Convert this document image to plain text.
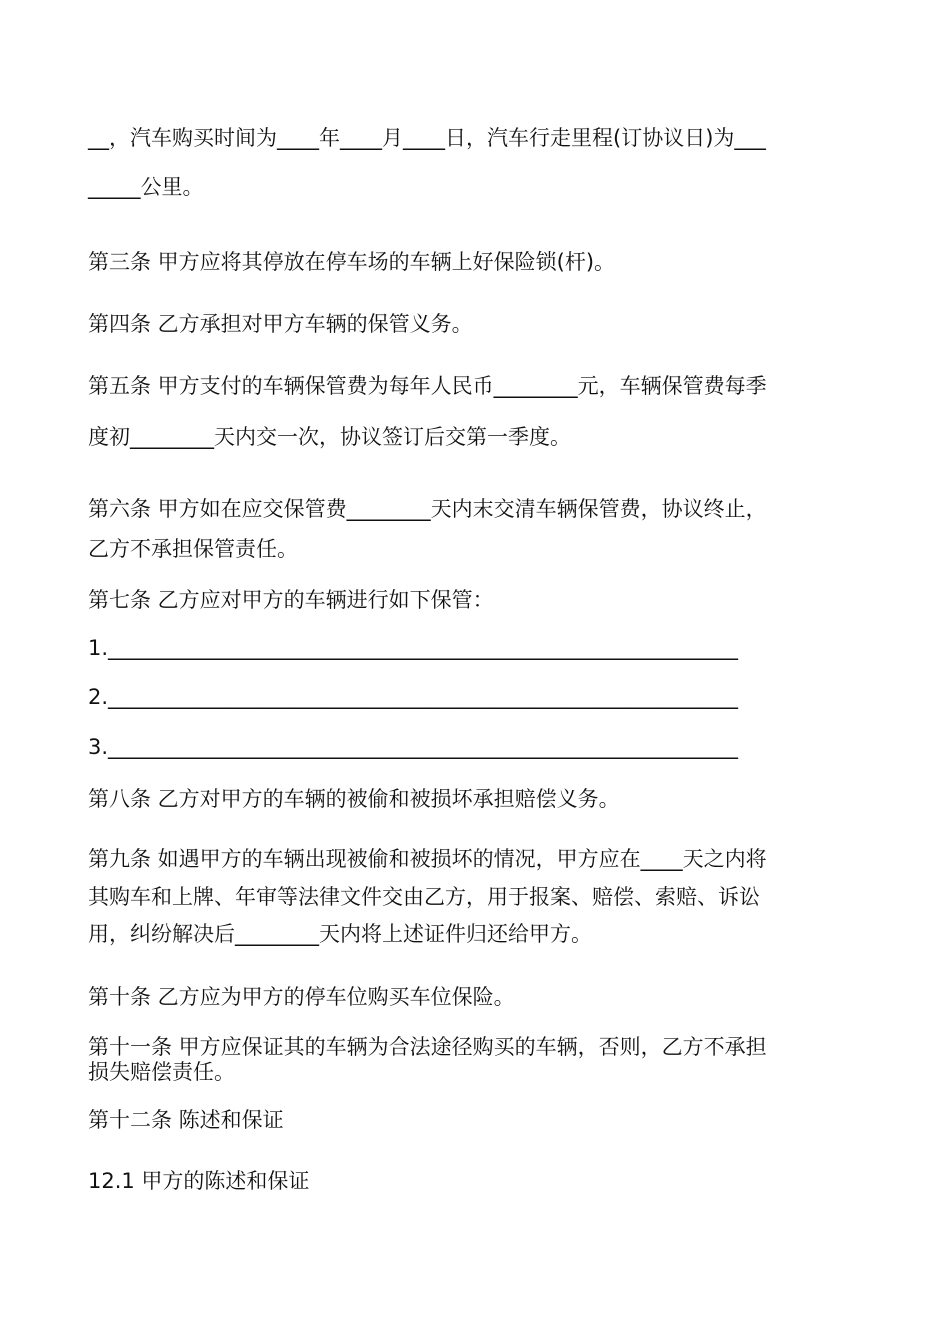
__，汽车购买时间为____年____月____日，汽车行走里程(订协议日)为___

_____公里。

第三条 甲方应将其停放在停车场的车辆上好保险锁(杆)。

第四条 乙方承担对甲方车辆的保管义务。

第五条 甲方支付的车辆保管费为每年人民币________元，车辆保管费每季

度初________天内交一次，协议签订后交第一季度。

第六条 甲方如在应交保管费________天内末交清车辆保管费，协议终止，

乙方不承担保管责任。

第七条 乙方应对甲方的车辆进行如下保管：

1.____________________________________________________________

2.____________________________________________________________

3.____________________________________________________________

第八条 乙方对甲方的车辆的被偷和被损坏承担赔偿义务。

第九条 如遇甲方的车辆出现被偷和被损坏的情况，甲方应在____天之内将

其购车和上牌、年审等法律文件交由乙方，用于报案、赔偿、索赔、诉讼

用，纠纷解决后________天内将上述证件归还给甲方。

第十条 乙方应为甲方的停车位购买车位保险。

第十一条 甲方应保证其的车辆为合法途径购买的车辆，否则，乙方不承担

损失赔偿责任。

第十二条 陈述和保证

12.1 甲方的陈述和保证
